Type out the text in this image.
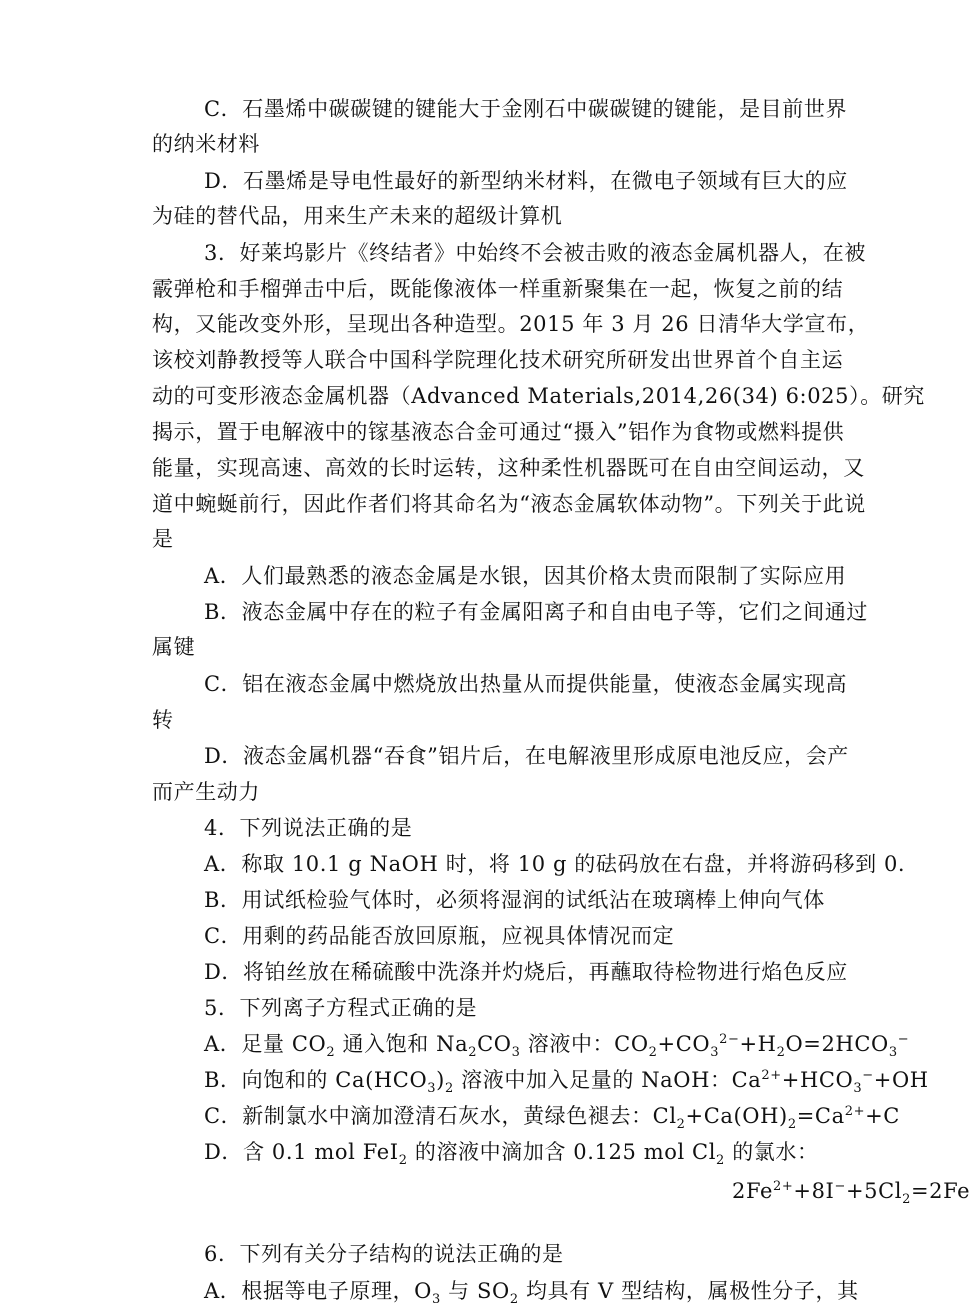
C．石墨烯中碳碳键的键能大于金刚石中碳碳键的键能，是目前世界
的纳米材料
D．石墨烯是导电性最好的新型纳米材料，在微电子领域有巨大的应
为硅的替代品，用来生产未来的超级计算机
3．好莱坞影片《终结者》中始终不会被击败的液态金属机器人，在被
霰弹枪和手榴弹击中后，既能像液体一样重新聚集在一起，恢复之前的结
构，又能改变外形，呈现出各种造型。2015 年 3 月 26 日清华大学宣布，
该校刘静教授等人联合中国科学院理化技术研究所研发出世界首个自主运
动的可变形液态金属机器（Advanced Materials,2014,26(34) 6:025）。研究
揭示，置于电解液中的镓基液态合金可通过“摄入”铝作为食物或燃料提供
能量，实现高速、高效的长时运转，这种柔性机器既可在自由空间运动，又
道中蜿蜒前行，因此作者们将其命名为“液态金属软体动物”。下列关于此说
是
A．人们最熟悉的液态金属是水银，因其价格太贵而限制了实际应用
B．液态金属中存在的粒子有金属阳离子和自由电子等，它们之间通过
属键
C．铝在液态金属中燃烧放出热量从而提供能量，使液态金属实现高
转
D．液态金属机器“吞食”铝片后，在电解液里形成原电池反应，会产
而产生动力
4．下列说法正确的是
A．称取 10.1 g NaOH 时，将 10 g 的砝码放在右盘，并将游码移到 0.
B．用试纸检验气体时，必须将湿润的试纸沾在玻璃棒上伸向气体
C．用剩的药品能否放回原瓶，应视具体情况而定
D．将铂丝放在稀硫酸中洗涤并灼烧后，再蘸取待检物进行焰色反应
5．下列离子方程式正确的是
A．足量 $CO_2$ 通入饱和 $Na_2CO_3$ 溶液中：$CO_2+CO_3^{2-}+H_2O=2HCO_3^-$
B．向饱和的 $Ca(HCO_3)_2$ 溶液中加入足量的 NaOH：$Ca^{2+}+HCO_3^-+OH$
C．新制氯水中滴加澄清石灰水，黄绿色褪去：$Cl_2+Ca(OH)_2=Ca^{2+}+C$
D．含 0.1 mol FeI$_2$ 的溶液中滴加含 0.125 mol $Cl_2$ 的氯水：
$2Fe^{2+}+8I^-+5Cl_2=2Fe$
6．下列有关分子结构的说法正确的是
A．根据等电子原理，$O_3$ 与 $SO_2$ 均具有 V 型结构，属极性分子，其
